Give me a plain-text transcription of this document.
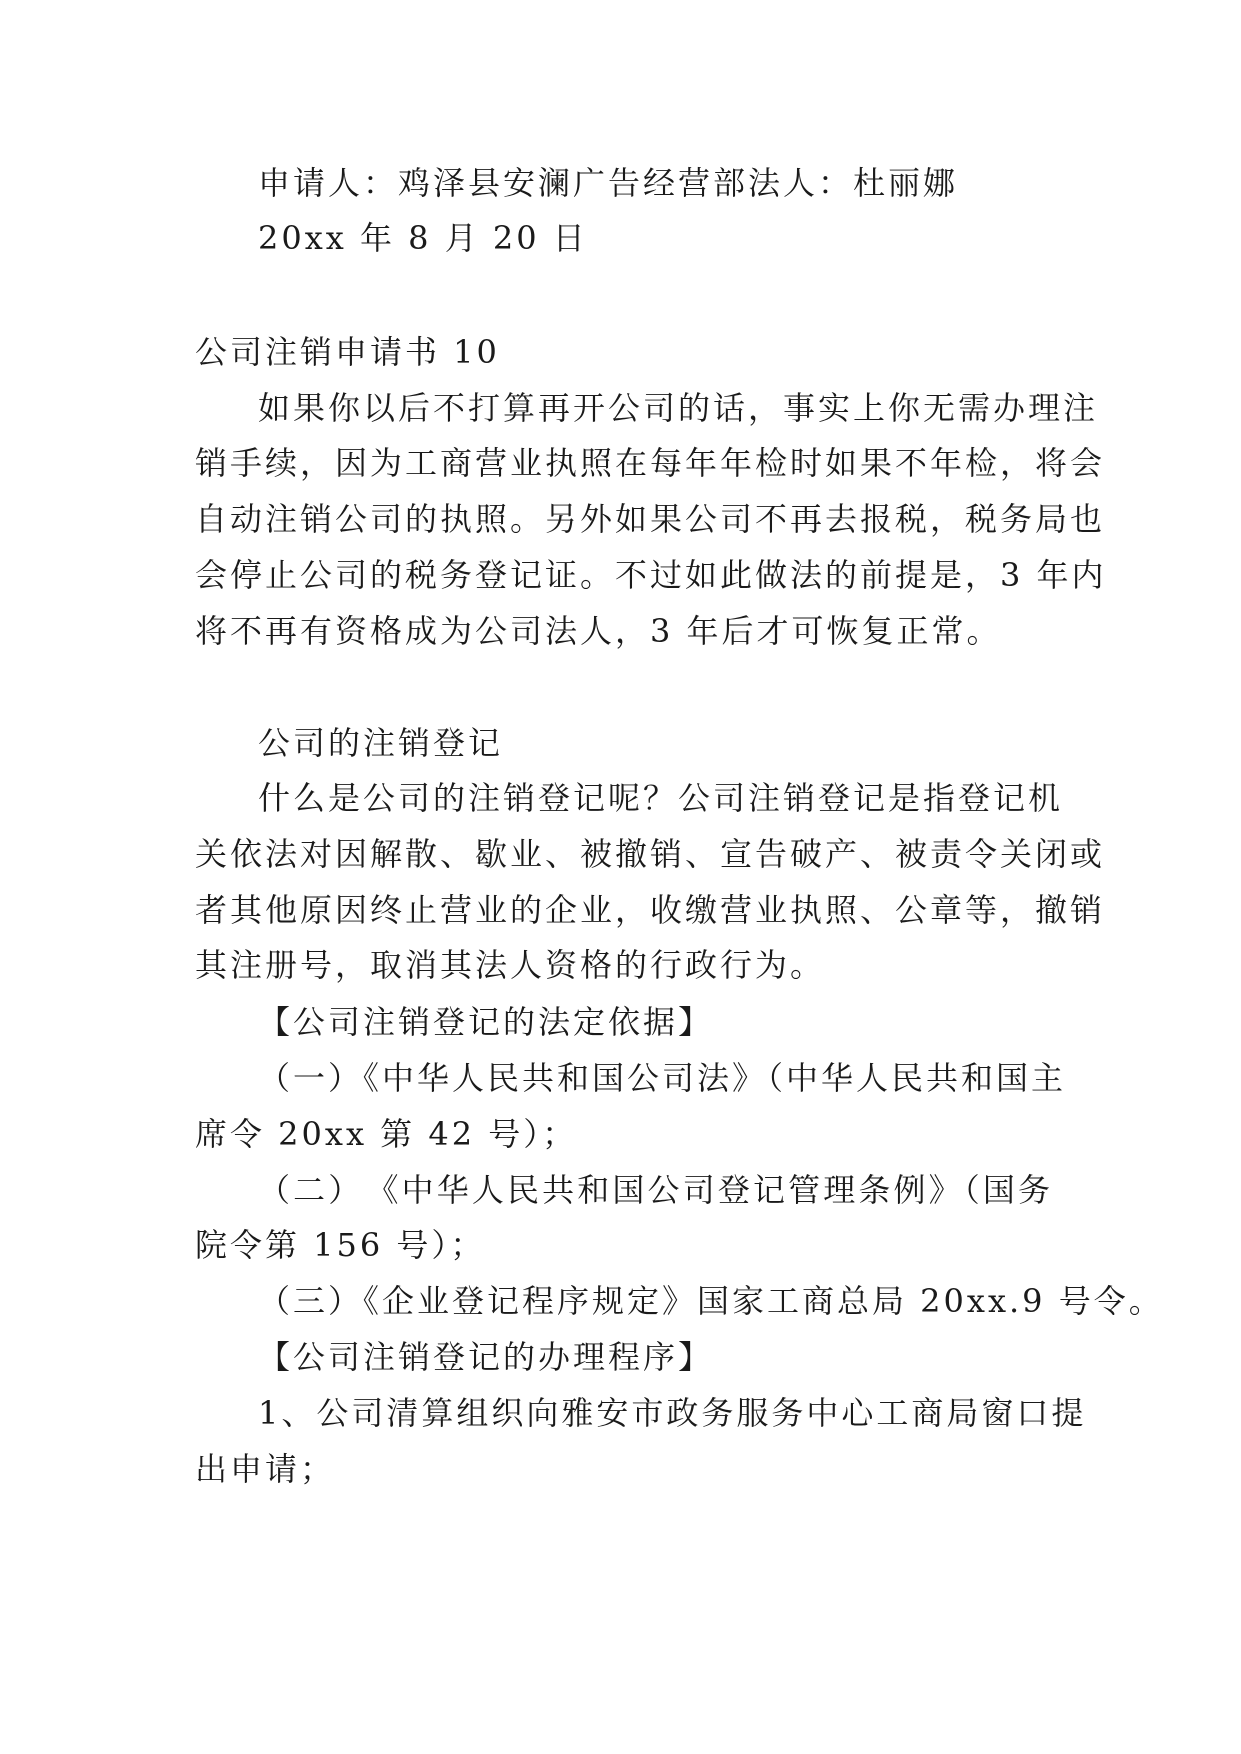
申请人：鸡泽县安澜广告经营部法人：杜丽娜
20xx 年 8 月 20 日
公司注销申请书 10
如果你以后不打算再开公司的话，事实上你无需办理注
销手续，因为工商营业执照在每年年检时如果不年检，将会
自动注销公司的执照。另外如果公司不再去报税，税务局也
会停止公司的税务登记证。不过如此做法的前提是，3 年内
将不再有资格成为公司法人，3 年后才可恢复正常。
公司的注销登记
什么是公司的注销登记呢？公司注销登记是指登记机
关依法对因解散、歇业、被撤销、宣告破产、被责令关闭或
者其他原因终止营业的企业，收缴营业执照、公章等，撤销
其注册号，取消其法人资格的行政行为。
【公司注销登记的法定依据】
（一）《中华人民共和国公司法》（中华人民共和国主
席令 20xx 第 42 号）；
（二）　《中华人民共和国公司登记管理条例》（国务
院令第 156 号）；
（三）《企业登记程序规定》国家工商总局 20xx.9 号令。
【公司注销登记的办理程序】
1、公司清算组织向雅安市政务服务中心工商局窗口提
出申请；
